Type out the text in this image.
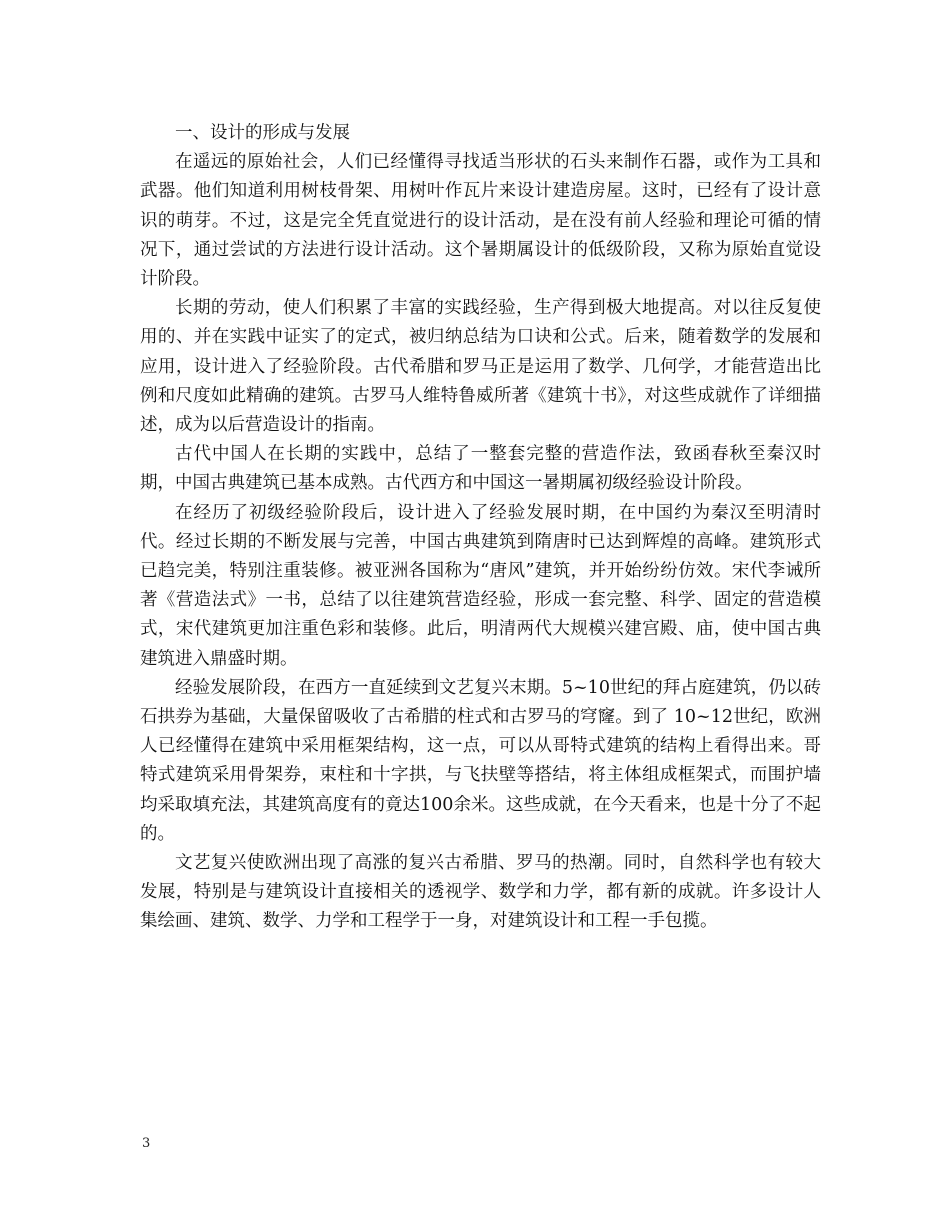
一、设计的形成与发展

在遥远的原始社会，人们已经懂得寻找适当形状的石头来制作石器，或作为工具和武器。他们知道利用树枝骨架、用树叶作瓦片来设计建造房屋。这时，已经有了设计意识的萌芽。不过，这是完全凭直觉进行的设计活动，是在没有前人经验和理论可循的情况下，通过尝试的方法进行设计活动。这个暑期属设计的低级阶段，又称为原始直觉设计阶段。

长期的劳动，使人们积累了丰富的实践经验，生产得到极大地提高。对以往反复使用的、并在实践中证实了的定式，被归纳总结为口诀和公式。后来，随着数学的发展和应用，设计进入了经验阶段。古代希腊和罗马正是运用了数学、几何学，才能营造出比例和尺度如此精确的建筑。古罗马人维特鲁威所著《建筑十书》，对这些成就作了详细描述，成为以后营造设计的指南。

古代中国人在长期的实践中，总结了一整套完整的营造作法，致函春秋至秦汉时期，中国古典建筑已基本成熟。古代西方和中国这一暑期属初级经验设计阶段。

在经历了初级经验阶段后，设计进入了经验发展时期，在中国约为秦汉至明清时代。经过长期的不断发展与完善，中国古典建筑到隋唐时已达到辉煌的高峰。建筑形式已趋完美，特别注重装修。被亚洲各国称为“唐风”建筑，并开始纷纷仿效。宋代李诫所著《营造法式》一书，总结了以往建筑营造经验，形成一套完整、科学、固定的营造模式，宋代建筑更加注重色彩和装修。此后，明清两代大规模兴建宫殿、庙，使中国古典建筑进入鼎盛时期。

经验发展阶段，在西方一直延续到文艺复兴末期。5~10世纪的拜占庭建筑，仍以砖石拱券为基础，大量保留吸收了古希腊的柱式和古罗马的穹窿。到了 10~12世纪，欧洲人已经懂得在建筑中采用框架结构，这一点，可以从哥特式建筑的结构上看得出来。哥特式建筑采用骨架券，束柱和十字拱，与飞扶壁等搭结，将主体组成框架式，而围护墙均采取填充法，其建筑高度有的竟达100余米。这些成就，在今天看来，也是十分了不起的。

文艺复兴使欧洲出现了高涨的复兴古希腊、罗马的热潮。同时，自然科学也有较大发展，特别是与建筑设计直接相关的透视学、数学和力学，都有新的成就。许多设计人集绘画、建筑、数学、力学和工程学于一身，对建筑设计和工程一手包揽。

3
